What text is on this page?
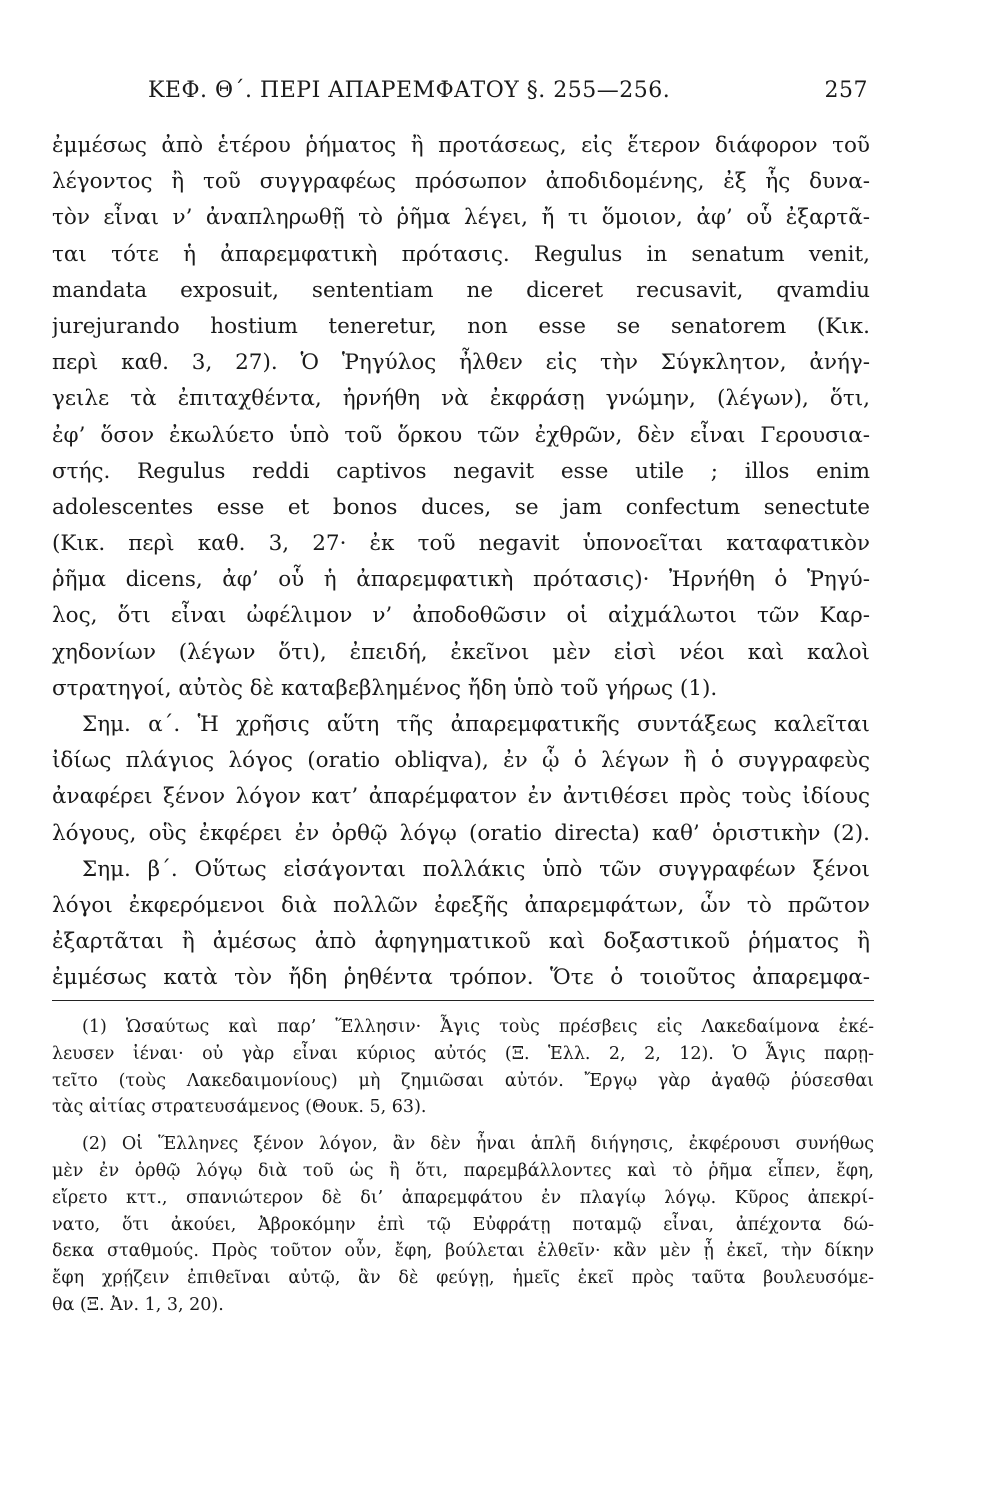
ΚΕΦ. Θ΄. ΠΕΡΙ ΑΠΑΡΕΜΦΑΤΟΥ §. 255—256.	257
ἐμμέσως ἀπὸ ἑτέρου ῥήματος ἢ προτάσεως, εἰς ἕτερον διάφορον τοῦ
λέγοντος ἢ τοῦ συγγραφέως πρόσωπον ἀποδιδομένης, ἐξ ἧς δυνα-
τὸν εἶναι ν’ ἀναπληρωθῇ τὸ ῥῆμα λέγει, ἤ τι ὅμοιον, ἀφ’ οὗ ἐξαρτᾶ-
ται τότε ἡ ἀπαρεμφατικὴ πρότασις. Regulus in senatum venit,
mandata exposuit, sententiam ne diceret recusavit, qvamdiu
jurejurando hostium teneretur, non esse se senatorem (Κικ.
περὶ καθ. 3, 27). Ὁ Ῥηγύλος ἦλθεν εἰς τὴν Σύγκλητον, ἀνήγ-
γειλε τὰ ἐπιταχθέντα, ἠρνήθη νὰ ἐκφράσῃ γνώμην, (λέγων), ὅτι,
ἐφ’ ὅσον ἐκωλύετο ὑπὸ τοῦ ὅρκου τῶν ἐχθρῶν, δὲν εἶναι Γερουσια-
στής. Regulus reddi captivos negavit esse utile ; illos enim
adolescentes esse et bonos duces, se jam confectum senectute
(Κικ. περὶ καθ. 3, 27· ἐκ τοῦ negavit ὑπονοεῖται καταφατικὸν
ῥῆμα dicens, ἀφ’ οὗ ἡ ἀπαρεμφατικὴ πρότασις)· Ἠρνήθη ὁ Ῥηγύ-
λος, ὅτι εἶναι ὠφέλιμον ν’ ἀποδοθῶσιν οἱ αἰχμάλωτοι τῶν Καρ-
χηδονίων (λέγων ὅτι), ἐπειδή, ἐκεῖνοι μὲν εἰσὶ νέοι καὶ καλοὶ
στρατηγοί, αὐτὸς δὲ καταβεβλημένος ἤδη ὑπὸ τοῦ γήρως (1).
Σημ. α΄. Ἡ χρῆσις αὕτη τῆς ἀπαρεμφατικῆς συντάξεως καλεῖται
ἰδίως πλάγιος λόγος (oratio obliqva), ἐν ᾧ ὁ λέγων ἢ ὁ συγγραφεὺς
ἀναφέρει ξένον λόγον κατ’ ἀπαρέμφατον ἐν ἀντιθέσει πρὸς τοὺς ἰδίους
λόγους, οὓς ἐκφέρει ἐν ὀρθῷ λόγῳ (oratio directa) καθ’ ὁριστικὴν (2).
Σημ. β΄. Οὕτως εἰσάγονται πολλάκις ὑπὸ τῶν συγγραφέων ξένοι
λόγοι ἐκφερόμενοι διὰ πολλῶν ἐφεξῆς ἀπαρεμφάτων, ὧν τὸ πρῶτον
ἐξαρτᾶται ἢ ἀμέσως ἀπὸ ἀφηγηματικοῦ καὶ δοξαστικοῦ ῥήματος ἢ
ἐμμέσως κατὰ τὸν ἤδη ῥηθέντα τρόπον. Ὅτε ὁ τοιοῦτος ἀπαρεμφα-
(1) Ὡσαύτως καὶ παρ’ Ἕλλησιν· Ἆγις τοὺς πρέσβεις εἰς Λακεδαίμονα ἐκέ-
λευσεν ἰέναι· οὐ γὰρ εἶναι κύριος αὐτός (Ξ. Ἑλλ. 2, 2, 12). Ὁ Ἆγις παρῃ-
τεῖτο (τοὺς Λακεδαιμονίους) μὴ ζημιῶσαι αὐτόν. Ἔργῳ γὰρ ἀγαθῷ ῥύσεσθαι
τὰς αἰτίας στρατευσάμενος (Θουκ. 5, 63).
(2) Οἱ Ἕλληνες ξένον λόγον, ἂν δὲν ἦναι ἁπλῆ διήγησις, ἐκφέρουσι συνήθως
μὲν ἐν ὀρθῷ λόγῳ διὰ τοῦ ὡς ἢ ὅτι, παρεμβάλλοντες καὶ τὸ ῥῆμα εἶπεν, ἔφη,
εἴρετο κττ., σπανιώτερον δὲ δι’ ἀπαρεμφάτου ἐν πλαγίῳ λόγῳ. Κῦρος ἀπεκρί-
νατο, ὅτι ἀκούει, Ἀβροκόμην ἐπὶ τῷ Εὐφράτῃ ποταμῷ εἶναι, ἀπέχοντα δώ-
δεκα σταθμούς. Πρὸς τοῦτον οὖν, ἔφη, βούλεται ἐλθεῖν· κἂν μὲν ᾖ ἐκεῖ, τὴν δίκην
ἔφη χρῄζειν ἐπιθεῖναι αὐτῷ, ἂν δὲ φεύγῃ, ἡμεῖς ἐκεῖ πρὸς ταῦτα βουλευσόμε-
θα (Ξ. Ἀν. 1, 3, 20).
